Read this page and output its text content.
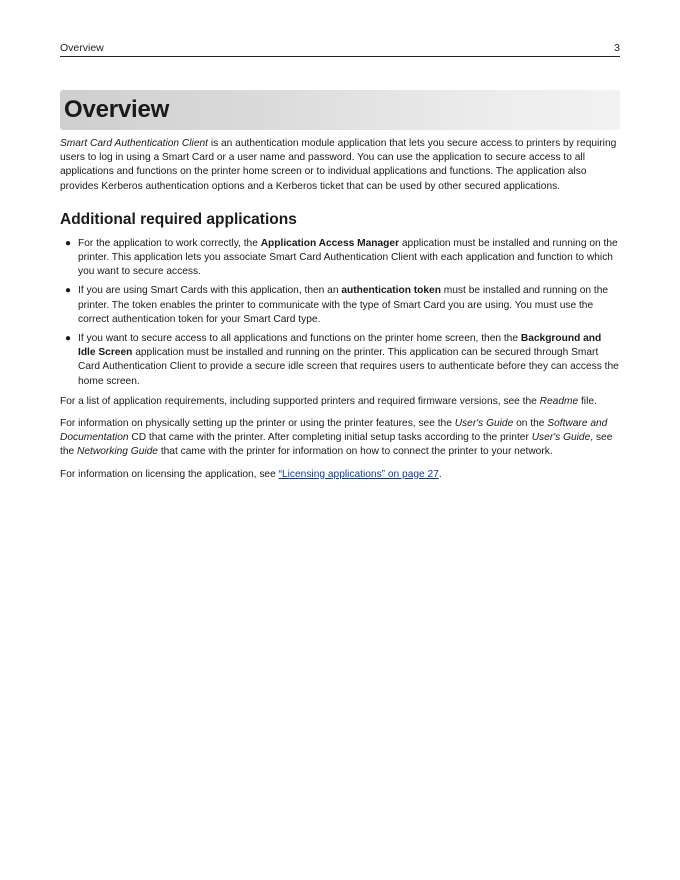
Overview	3
Overview

Smart Card Authentication Client is an authentication module application that lets you secure access to printers by requiring users to log in using a Smart Card or a user name and password. You can use the application to secure access to all applications and functions on the printer home screen or to individual applications and functions. The application also provides Kerberos authentication options and a Kerberos ticket that can be used by other secured applications.

Additional required applications
● For the application to work correctly, the Application Access Manager application must be installed and running on the printer. This application lets you associate Smart Card Authentication Client with each application and function to which you want to secure access.
● If you are using Smart Cards with this application, then an authentication token must be installed and running on the printer. The token enables the printer to communicate with the type of Smart Card you are using. You must use the correct authentication token for your Smart Card type.
● If you want to secure access to all applications and functions on the printer home screen, then the Background and Idle Screen application must be installed and running on the printer. This application can be secured through Smart Card Authentication Client to provide a secure idle screen that requires users to authenticate before they can access the home screen.

For a list of application requirements, including supported printers and required firmware versions, see the Readme file.

For information on physically setting up the printer or using the printer features, see the User's Guide on the Software and Documentation CD that came with the printer. After completing initial setup tasks according to the printer User's Guide, see the Networking Guide that came with the printer for information on how to connect the printer to your network.

For information on licensing the application, see “Licensing applications” on page 27.
